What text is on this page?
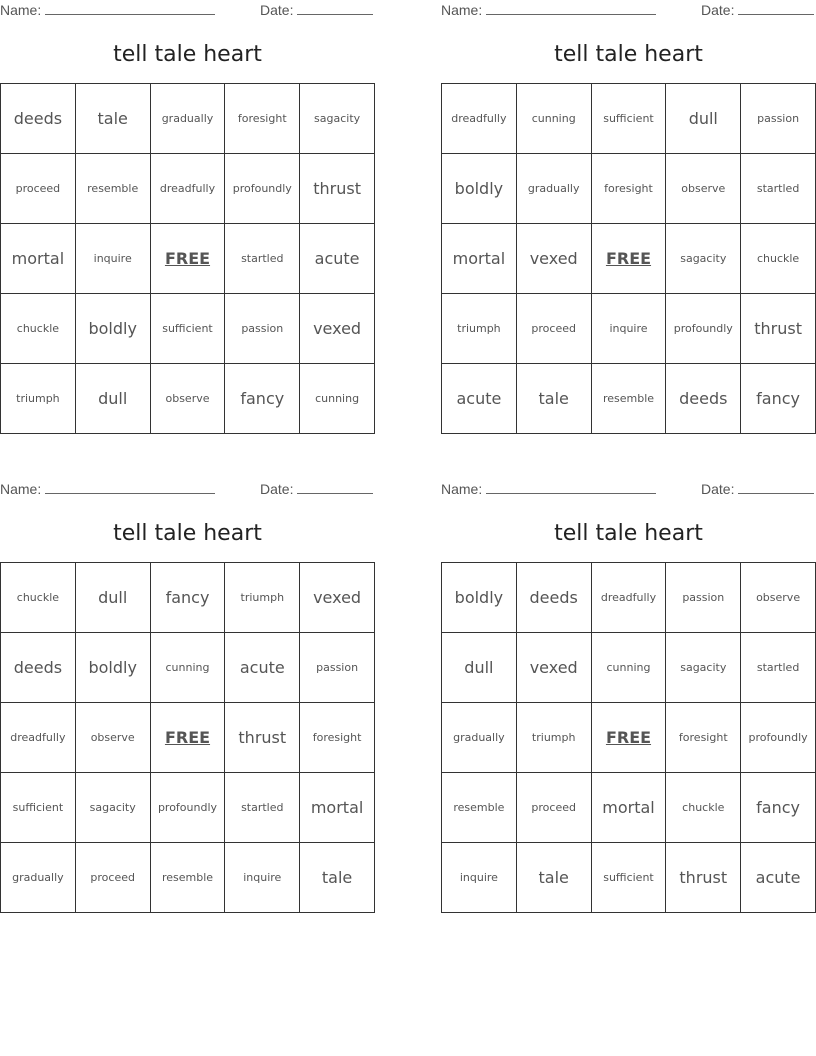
Name:	Date:
tell tale heart
deeds	tale	gradually	foresight	sagacity
proceed	resemble	dreadfully	profoundly	thrust
mortal	inquire	FREE	startled	acute
chuckle	boldly	sufficient	passion	vexed
triumph	dull	observe	fancy	cunning
Name:	Date:
tell tale heart
dreadfully	cunning	sufficient	dull	passion
boldly	gradually	foresight	observe	startled
mortal	vexed	FREE	sagacity	chuckle
triumph	proceed	inquire	profoundly	thrust
acute	tale	resemble	deeds	fancy
Name:	Date:
tell tale heart
chuckle	dull	fancy	triumph	vexed
deeds	boldly	cunning	acute	passion
dreadfully	observe	FREE	thrust	foresight
sufficient	sagacity	profoundly	startled	mortal
gradually	proceed	resemble	inquire	tale
Name:	Date:
tell tale heart
boldly	deeds	dreadfully	passion	observe
dull	vexed	cunning	sagacity	startled
gradually	triumph	FREE	foresight	profoundly
resemble	proceed	mortal	chuckle	fancy
inquire	tale	sufficient	thrust	acute
